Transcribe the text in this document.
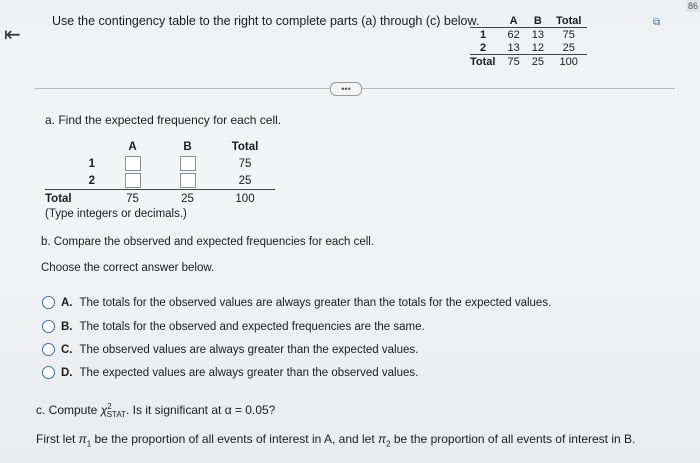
86
⇤
Use the contingency table to the right to complete parts (a) through (c) below.
		A	B	Total
1	62	13	75
2	13	12	25
Total	75	25	100
⧉
•••
a. Find the expected frequency for each cell.
	A	B	Total
1			75
2			25
Total	75	25	100
(Type integers or decimals.)
b. Compare the observed and expected frequencies for each cell.
Choose the correct answer below.
A. The totals for the observed values are always greater than the totals for the expected values.
B. The totals for the observed and expected frequencies are the same.
C. The observed values are always greater than the expected values.
D. The expected values are always greater than the observed values.
c. Compute $\chi^2_{STAT}$. Is it significant at α = 0.05?
First let $\pi_1$ be the proportion of all events of interest in A, and let $\pi_2$ be the proportion of all events of interest in B.
